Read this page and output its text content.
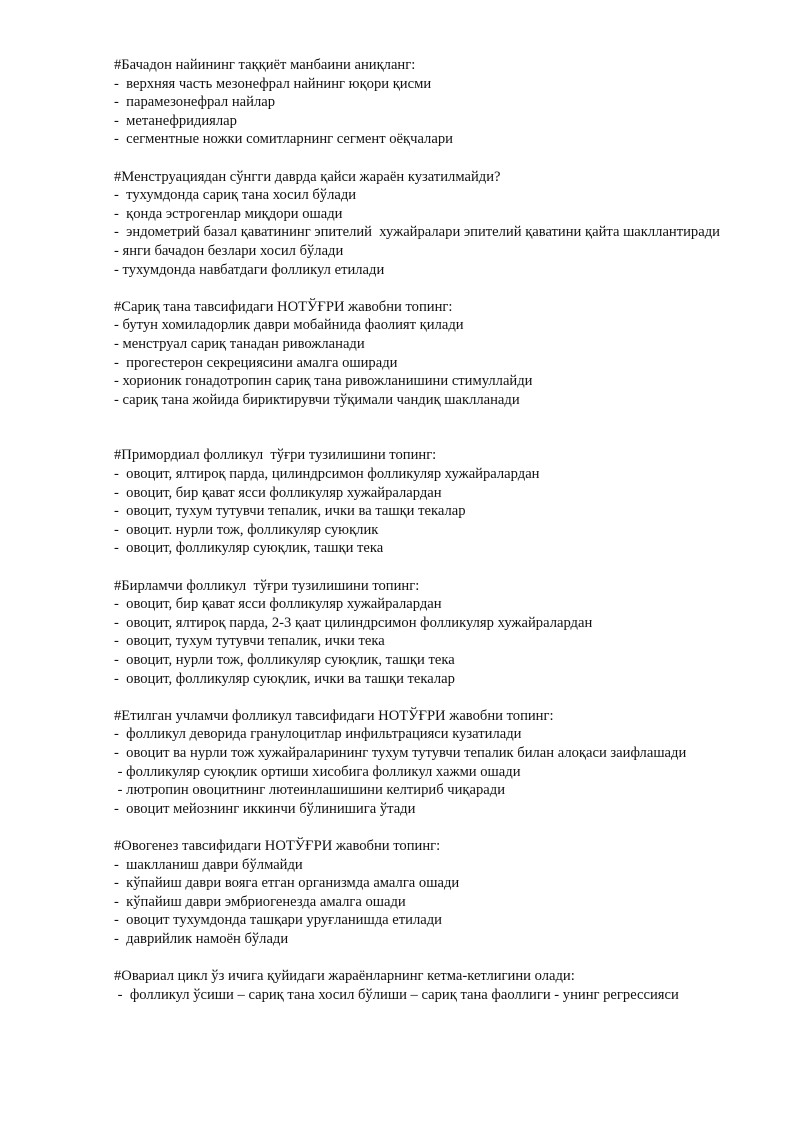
#Бачадон найининг таққиёт манбаини аниқланг:

-  верхняя часть мезонефрал найнинг юқори қисми

-  парамезонефрал найлар

-  метанефридиялар

-  сегментные ножки сомитларнинг сегмент оёқчалари

#Менструациядан сўнгги даврда қайси жараён кузатилмайди?

-  тухумдонда сариқ тана хосил бўлади

-  қонда эстрогенлар миқдори ошади

-  эндометрий базал қаватининг эпителий  хужайралари эпителий қаватини қайта шакллантиради

- янги бачадон безлари хосил бўлади

- тухумдонда навбатдаги фолликул етилади

#Сариқ тана тавсифидаги НОТЎҒРИ жавобни топинг:

- бутун хомиладорлик даври мобайнида фаолият қилади

- менструал сариқ танадан ривожланади

-  прогестерон секрециясини амалга оширади

- хорионик гонадотропин сариқ тана ривожланишини стимуллайди

- сариқ тана жойида бириктирувчи тўқимали чандиқ шаклланади

#Примордиал фолликул  тўғри тузилишини топинг:

-  овоцит, ялтироқ парда, цилиндрсимон фолликуляр хужайралардан

-  овоцит, бир қават ясси фолликуляр хужайралардан

-  овоцит, тухум тутувчи тепалик, ички ва ташқи текалар

-  овоцит. нурли тож, фолликуляр суюқлик

-  овоцит, фолликуляр суюқлик, ташқи тека

#Бирламчи фолликул  тўғри тузилишини топинг:

-  овоцит, бир қават ясси фолликуляр хужайралардан

-  овоцит, ялтироқ парда, 2-3 қаат цилиндрсимон фолликуляр хужайралардан

-  овоцит, тухум тутувчи тепалик, ички тека

-  овоцит, нурли тож, фолликуляр суюқлик, ташқи тека

-  овоцит, фолликуляр суюқлик, ички ва ташқи текалар

#Етилган учламчи фолликул тавсифидаги НОТЎҒРИ жавобни топинг:

-  фолликул деворида гранулоцитлар инфильтрацияси кузатилади

-  овоцит ва нурли тож хужайраларининг тухум тутувчи тепалик билан алоқаси заифлашади

- фолликуляр суюқлик ортиши хисобига фолликул хажми ошади

- лютропин овоцитнинг лютеинлашишини келтириб чиқаради

-  овоцит мейознинг иккинчи бўлинишига ўтади

#Овогенез тавсифидаги НОТЎҒРИ жавобни топинг:

-  шаклланиш даври бўлмайди

-  кўпайиш даври вояга етган организмда амалга ошади

-  кўпайиш даври эмбриогенезда амалга ошади

-  овоцит тухумдонда ташқари уруғланишда етилади

-  даврийлик намоён бўлади

#Овариал цикл ўз ичига қуйидаги жараёнларнинг кетма-кетлигини олади:

-  фолликул ўсиши – сариқ тана хосил бўлиши – сариқ тана фаоллиги - унинг регрессияси
